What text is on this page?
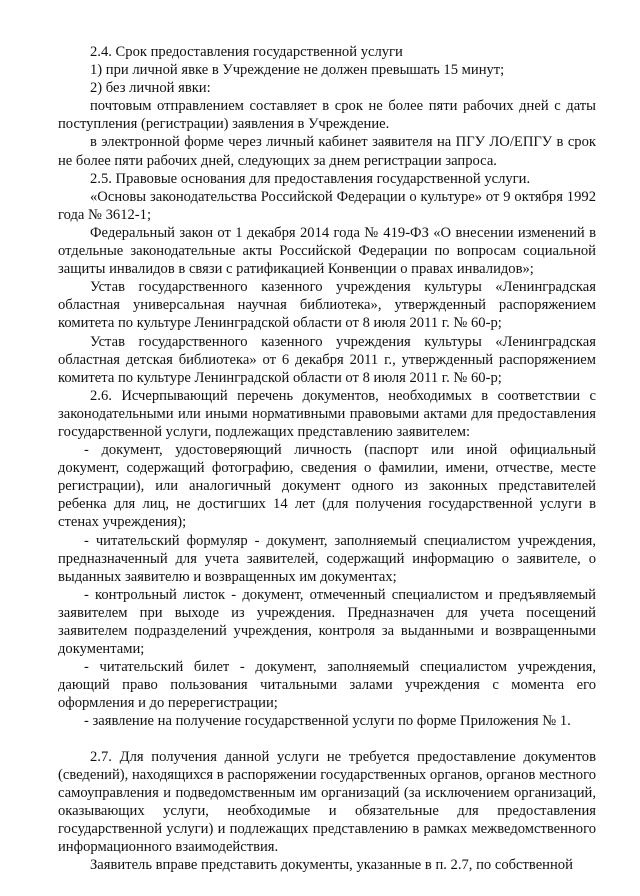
2.4. Срок предоставления государственной услуги

1) при личной явке в Учреждение не должен превышать 15 минут;

2) без личной явки:

почтовым отправлением составляет в срок не более пяти рабочих дней с даты поступления (регистрации) заявления в Учреждение.

в электронной форме через личный кабинет заявителя на ПГУ ЛО/ЕПГУ в срок не более пяти рабочих дней, следующих за днем регистрации запроса.

2.5. Правовые основания для предоставления государственной услуги.

«Основы законодательства Российской Федерации о культуре» от 9 октября 1992 года № 3612-1;

Федеральный закон от 1 декабря 2014 года № 419-ФЗ «О внесении изменений в отдельные законодательные акты Российской Федерации по вопросам социальной защиты инвалидов в связи с ратификацией Конвенции о правах инвалидов»;

Устав государственного казенного учреждения культуры «Ленинградская областная универсальная научная библиотека», утвержденный распоряжением комитета по культуре Ленинградской области от 8 июля 2011 г. № 60-р;

Устав государственного казенного учреждения культуры «Ленинградская областная детская библиотека» от 6 декабря 2011 г., утвержденный распоряжением комитета по культуре Ленинградской области от 8 июля 2011 г. № 60-р;

2.6. Исчерпывающий перечень документов, необходимых в соответствии с законодательными или иными нормативными правовыми актами для предоставления государственной услуги, подлежащих представлению заявителем:

- документ, удостоверяющий личность (паспорт или иной официальный документ, содержащий фотографию, сведения о фамилии, имени, отчестве, месте регистрации), или аналогичный документ одного из законных представителей ребенка для лиц, не достигших 14 лет (для получения государственной услуги в стенах учреждения);

- читательский формуляр - документ, заполняемый специалистом учреждения, предназначенный для учета заявителей, содержащий информацию о заявителе, о выданных заявителю и возвращенных им документах;

- контрольный листок - документ, отмеченный специалистом и предъявляемый заявителем при выходе из учреждения. Предназначен для учета посещений заявителем подразделений учреждения, контроля за выданными и возвращенными документами;

- читательский билет - документ, заполняемый специалистом учреждения, дающий право пользования читальными залами учреждения с момента его оформления и до перерегистрации;

- заявление на получение государственной услуги по форме Приложения № 1.

2.7. Для получения данной услуги не требуется предоставление документов (сведений), находящихся в распоряжении государственных органов, органов местного самоуправления и подведомственным им организаций (за исключением организаций, оказывающих услуги, необходимые и обязательные для предоставления государственной услуги) и подлежащих представлению в рамках межведомственного информационного взаимодействия.

Заявитель вправе представить документы, указанные в п. 2.7, по собственной
